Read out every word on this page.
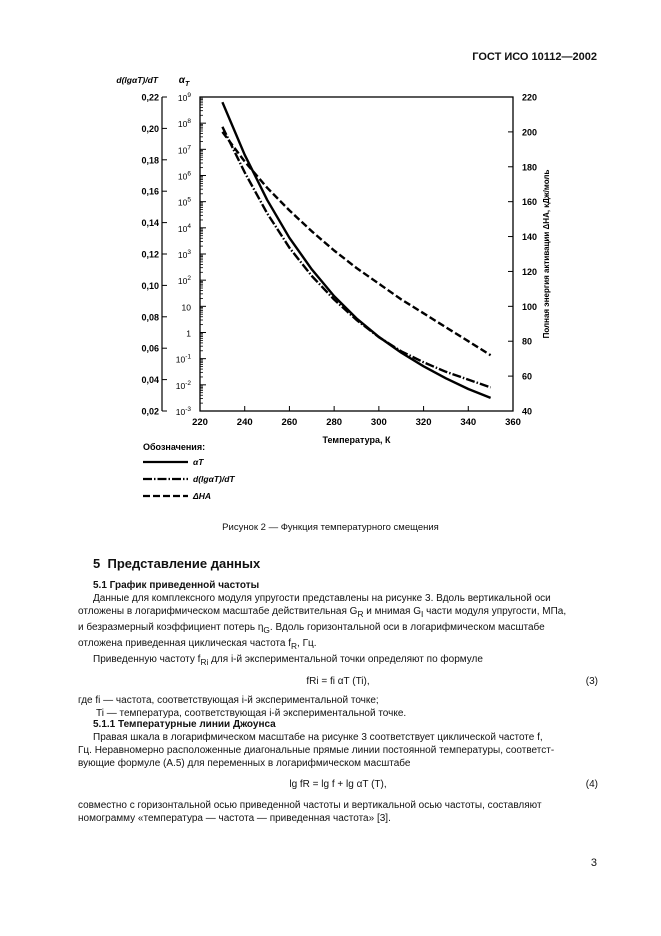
ГОСТ ИСО 10112—2002
220	240	260	280	300	320	340	360
Температура, К
0,02
0,04
0,06
0,08
0,10
0,12
0,14
0,16
0,18
0,20
0,22
d(lgαT)/dT
$10^{-3}$
$10^{-2}$
$10^{-1}$
1
10
$10^2$
$10^3$
$10^4$
$10^5$
$10^6$
$10^7$
$10^8$
$10^9$
$\alpha_T$
40
60
80
100
120
140
160
180
200
220
Полная энергия активации ΔHA, кДж/моль
Обозначения:
αT
d(lgαT)/dT
ΔHA
Рисунок 2 — Функция температурного смещения
5 Представление данных
5.1 График приведенной частоты
Данные для комплексного модуля упругости представлены на рисунке 3. Вдоль вертикальной оси
отложены в логарифмическом масштабе действительная $G_R$ и мнимая $G_I$ части модуля упругости, МПа,
и безразмерный коэффициент потерь $\eta_G$. Вдоль горизонтальной оси в логарифмическом масштабе
отложена приведенная циклическая частота $f_R$, Гц.
Приведенную частоту $f_{Ri}$ для i-й экспериментальной точки определяют по формуле
fRi = fi αT (Ti),	(3)
где fi — частота, соответствующая i-й экспериментальной точке;
Ti — температура, соответствующая i-й экспериментальной точке.
5.1.1 Температурные линии Джоунса
Правая шкала в логарифмическом масштабе на рисунке 3 соответствует циклической частоте f,
Гц. Неравномерно расположенные диагональные прямые линии постоянной температуры, соответст-
вующие формуле (А.5) для переменных в логарифмическом масштабе
lg fR = lg f + lg αT (T),	(4)
совместно с горизонтальной осью приведенной частоты и вертикальной осью частоты, составляют
номограмму «температура — частота — приведенная частота» [3].
3
